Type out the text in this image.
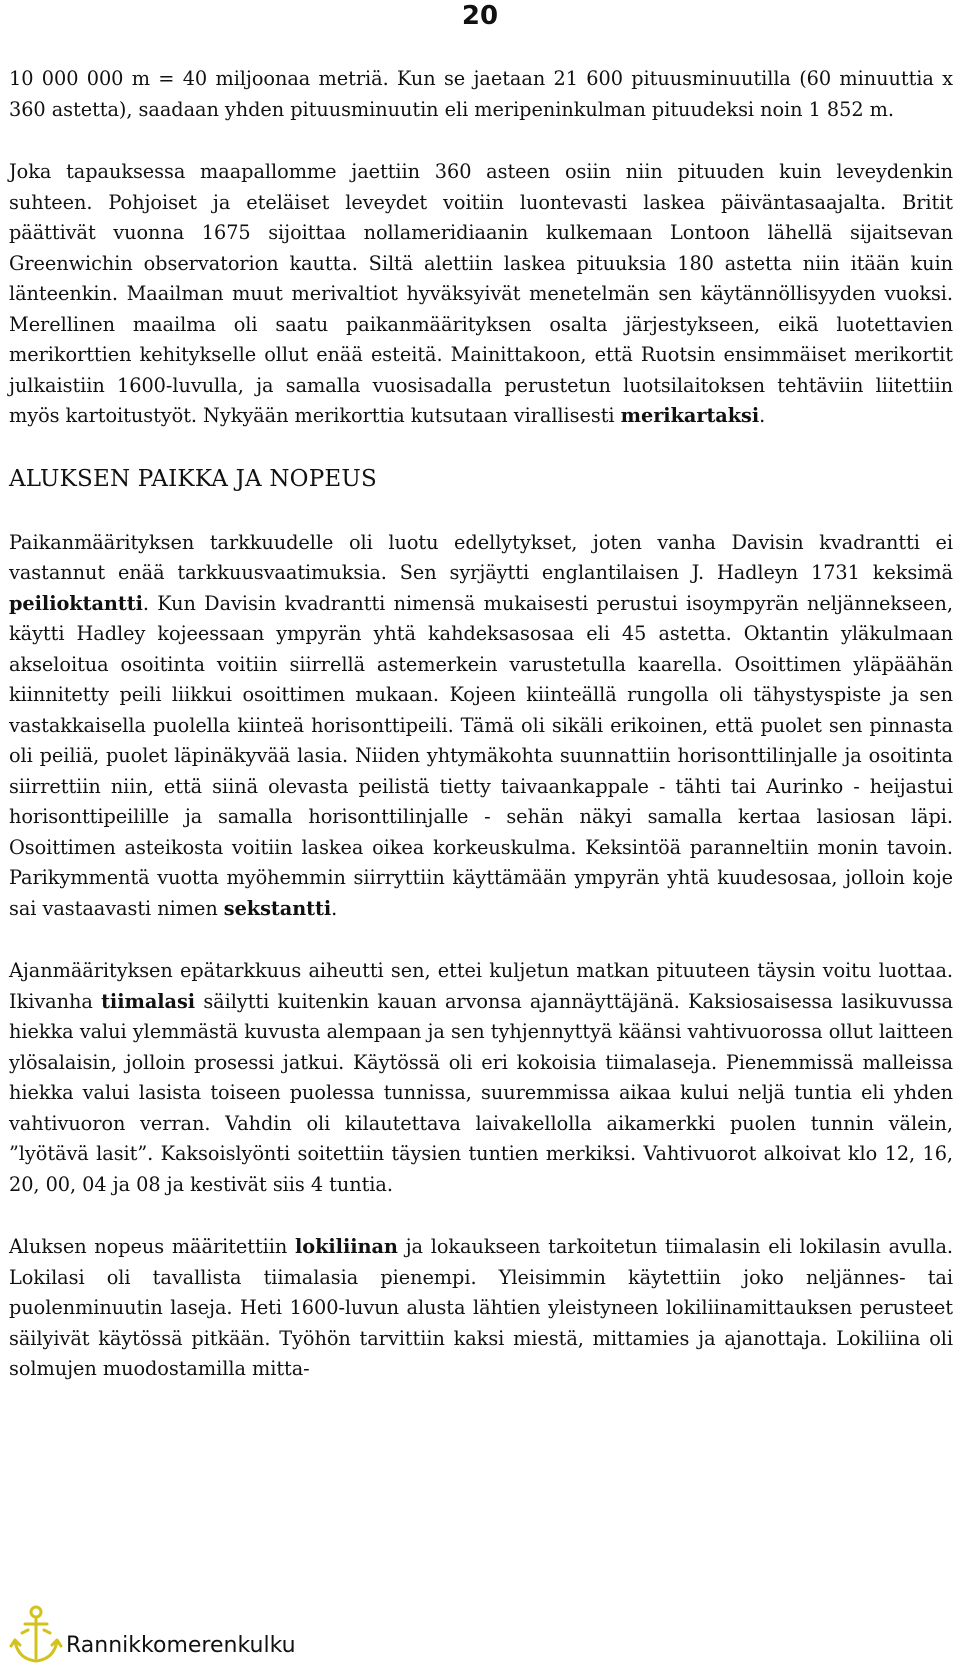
20

10 000 000 m = 40 miljoonaa metriä. Kun se jaetaan 21 600 pituusminuutilla (60 minuuttia x 360 astetta), saadaan yhden pituusminuutin eli meripeninkulman pituudeksi noin 1 852 m.

Joka tapauksessa maapallomme jaettiin 360 asteen osiin niin pituuden kuin leveydenkin suhteen. Pohjoiset ja eteläiset leveydet voitiin luontevasti laskea päiväntasaajalta. Britit päättivät vuonna 1675 sijoittaa nollameridiaanin kulkemaan Lontoon lähellä sijaitsevan Greenwichin observatorion kautta. Siltä alettiin laskea pituuksia 180 astetta niin itään kuin länteenkin. Maailman muut merivaltiot hyväksyivät menetelmän sen käytännöllisyyden vuoksi. Merellinen maailma oli saatu paikanmäärityksen osalta järjestykseen, eikä luotettavien merikorttien kehitykselle ollut enää esteitä. Mainittakoon, että Ruotsin ensimmäiset merikortit julkaistiin 1600-luvulla, ja samalla vuosisadalla perustetun luotsilaitoksen tehtäviin liitettiin myös kartoitustyöt. Nykyään merikorttia kutsutaan virallisesti merikartaksi.

ALUKSEN PAIKKA JA NOPEUS

Paikanmäärityksen tarkkuudelle oli luotu edellytykset, joten vanha Davisin kvadrantti ei vastannut enää tarkkuusvaatimuksia. Sen syrjäytti englantilaisen J. Hadleyn 1731 keksimä peilioktantti. Kun Davisin kvadrantti nimensä mukaisesti perustui isoympyrän neljännekseen, käytti Hadley kojeessaan ympyrän yhtä kahdeksasosaa eli 45 astetta. Oktantin yläkulmaan akseloitua osoitinta voitiin siirrellä astemerkein varustetulla kaarella. Osoittimen yläpäähän kiinnitetty peili liikkui osoittimen mukaan. Kojeen kiinteällä rungolla oli tähystyspiste ja sen vastakkaisella puolella kiinteä horisonttipeili. Tämä oli sikäli erikoinen, että puolet sen pinnasta oli peiliä, puolet läpinäkyvää lasia. Niiden yhtymäkohta suunnattiin horisonttilinjalle ja osoitinta siirrettiin niin, että siinä olevasta peilistä tietty taivaankappale - tähti tai Aurinko - heijastui horisonttipeilille ja samalla horisonttilinjalle - sehän näkyi samalla kertaa lasiosan läpi. Osoittimen asteikosta voitiin laskea oikea korkeuskulma. Keksintöä paranneltiin monin tavoin. Parikymmentä vuotta myöhemmin siirryttiin käyttämään ympyrän yhtä kuudesosaa, jolloin koje sai vastaavasti nimen sekstantti.

Ajanmäärityksen epätarkkuus aiheutti sen, ettei kuljetun matkan pituuteen täysin voitu luottaa. Ikivanha tiimalasi säilytti kuitenkin kauan arvonsa ajannäyttäjänä. Kaksiosaisessa lasikuvussa hiekka valui ylemmästä kuvusta alempaan ja sen tyhjennyttyä käänsi vahtivuorossa ollut laitteen ylösalaisin, jolloin prosessi jatkui. Käytössä oli eri kokoisia tiimalaseja. Pienemmissä malleissa hiekka valui lasista toiseen puolessa tunnissa, suuremmissa aikaa kului neljä tuntia eli yhden vahtivuoron verran. Vahdin oli kilautettava laivakellolla aikamerkki puolen tunnin välein, ”lyötävä lasit”. Kaksoislyönti soitettiin täysien tuntien merkiksi. Vahtivuorot alkoivat klo 12, 16, 20, 00, 04 ja 08 ja kestivät siis 4 tuntia.

Aluksen nopeus määritettiin lokiliinan ja lokaukseen tarkoitetun tiimalasin eli lokilasin avulla. Lokilasi oli tavallista tiimalasia pienempi. Yleisimmin käytettiin joko neljännes- tai puolenminuutin laseja. Heti 1600-luvun alusta lähtien yleistyneen lokiliinamittauksen perusteet säilyivät käytössä pitkään. Työhön tarvittiin kaksi miestä, mittamies ja ajanottaja. Lokiliina oli solmujen muodostamilla mitta-

Rannikkomerenkulku
